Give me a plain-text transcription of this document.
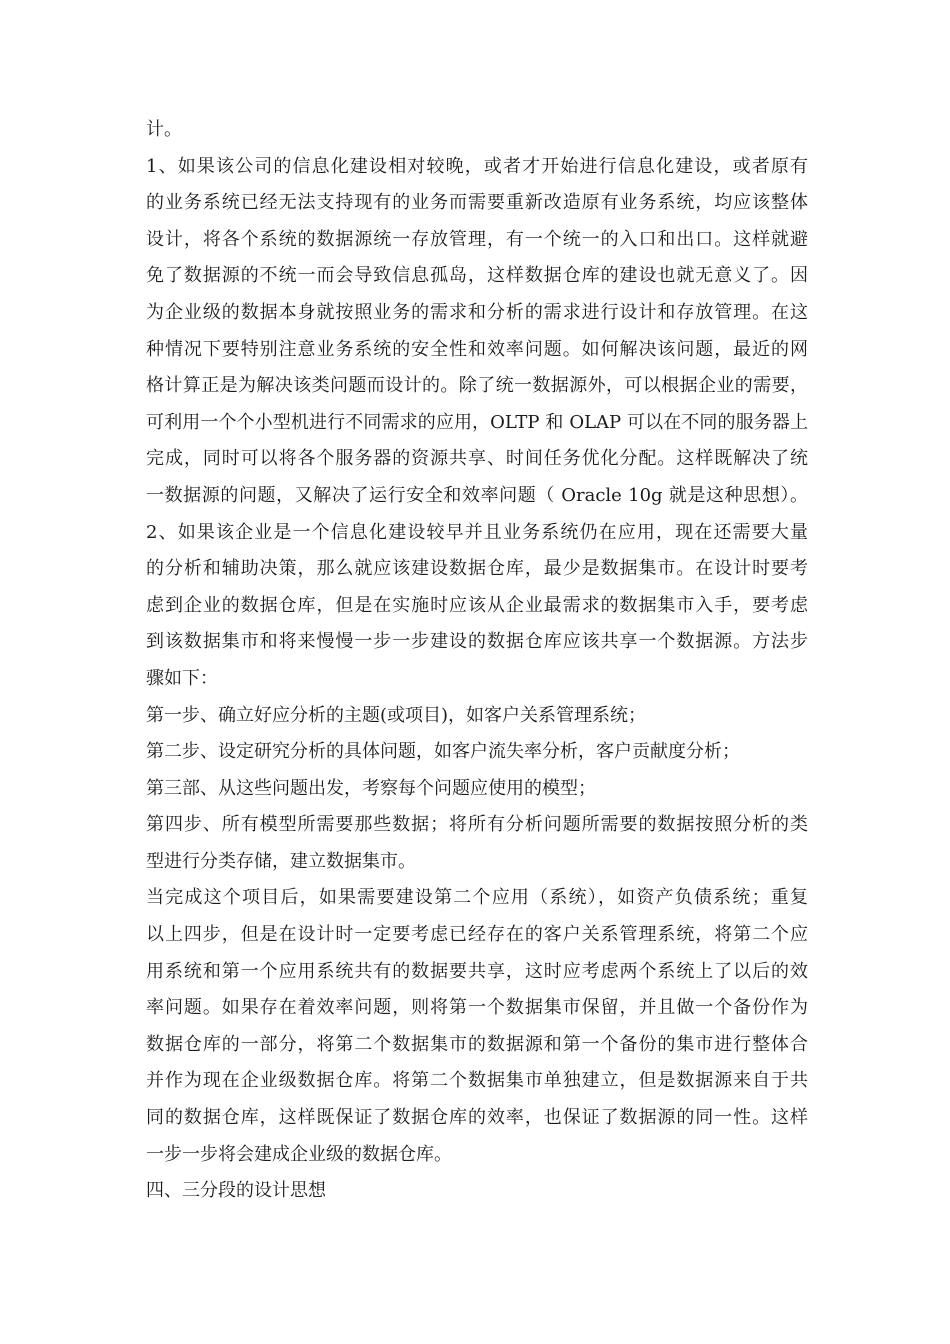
计。
1、如果该公司的信息化建设相对较晚，或者才开始进行信息化建设，或者原有
的业务系统已经无法支持现有的业务而需要重新改造原有业务系统，均应该整体
设计，将各个系统的数据源统一存放管理，有一个统一的入口和出口。这样就避
免了数据源的不统一而会导致信息孤岛，这样数据仓库的建设也就无意义了。因
为企业级的数据本身就按照业务的需求和分析的需求进行设计和存放管理。在这
种情况下要特别注意业务系统的安全性和效率问题。如何解决该问题，最近的网
格计算正是为解决该类问题而设计的。除了统一数据源外，可以根据企业的需要，
可利用一个个小型机进行不同需求的应用，OLTP 和 OLAP 可以在不同的服务器上
完成，同时可以将各个服务器的资源共享、时间任务优化分配。这样既解决了统
一数据源的问题，又解决了运行安全和效率问题（ Oracle 10g 就是这种思想）。
2、如果该企业是一个信息化建设较早并且业务系统仍在应用，现在还需要大量
的分析和辅助决策，那么就应该建设数据仓库，最少是数据集市。在设计时要考
虑到企业的数据仓库，但是在实施时应该从企业最需求的数据集市入手，要考虑
到该数据集市和将来慢慢一步一步建设的数据仓库应该共享一个数据源。方法步
骤如下：
第一步、确立好应分析的主题(或项目)，如客户关系管理系统；
第二步、设定研究分析的具体问题，如客户流失率分析，客户贡献度分析；
第三部、从这些问题出发，考察每个问题应使用的模型；
第四步、所有模型所需要那些数据；将所有分析问题所需要的数据按照分析的类
型进行分类存储，建立数据集市。
当完成这个项目后，如果需要建设第二个应用（系统），如资产负债系统；重复
以上四步，但是在设计时一定要考虑已经存在的客户关系管理系统，将第二个应
用系统和第一个应用系统共有的数据要共享，这时应考虑两个系统上了以后的效
率问题。如果存在着效率问题，则将第一个数据集市保留，并且做一个备份作为
数据仓库的一部分，将第二个数据集市的数据源和第一个备份的集市进行整体合
并作为现在企业级数据仓库。将第二个数据集市单独建立，但是数据源来自于共
同的数据仓库，这样既保证了数据仓库的效率，也保证了数据源的同一性。这样
一步一步将会建成企业级的数据仓库。
四、三分段的设计思想
